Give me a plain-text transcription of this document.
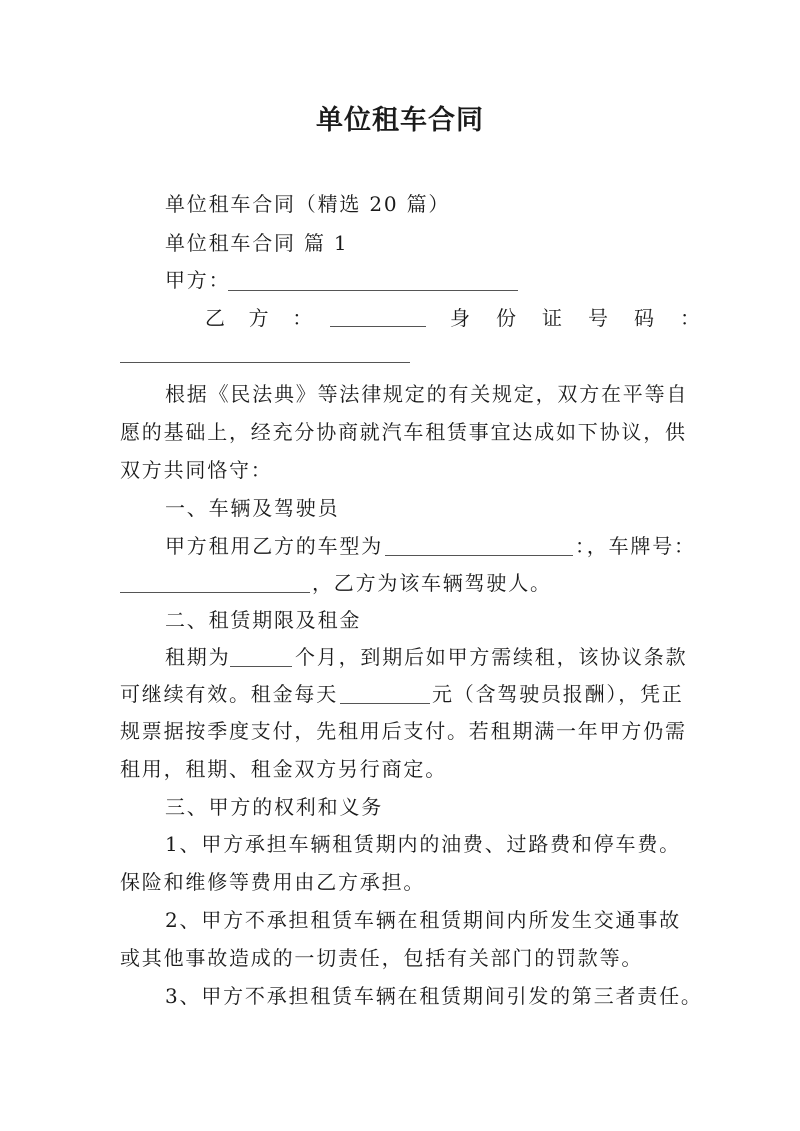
单位租车合同
单位租车合同（精选 20 篇）
单位租车合同 篇 1
甲方：
乙　方　：	身　份　证　号　码　：
根据《民法典》等法律规定的有关规定，双方在平等自
愿的基础上，经充分协商就汽车租赁事宜达成如下协议，供
双方共同恪守：
一、车辆及驾驶员
甲方租用乙方的车型为	：，车牌号：
，乙方为该车辆驾驶人。
二、租赁期限及租金
租期为	个月，到期后如甲方需续租，该协议条款
可继续有效。租金每天	元（含驾驶员报酬），凭正
规票据按季度支付，先租用后支付。若租期满一年甲方仍需
租用，租期、租金双方另行商定。
三、甲方的权利和义务
1、甲方承担车辆租赁期内的油费、过路费和停车费。
保险和维修等费用由乙方承担。
2、甲方不承担租赁车辆在租赁期间内所发生交通事故
或其他事故造成的一切责任，包括有关部门的罚款等。
3、甲方不承担租赁车辆在租赁期间引发的第三者责任。
